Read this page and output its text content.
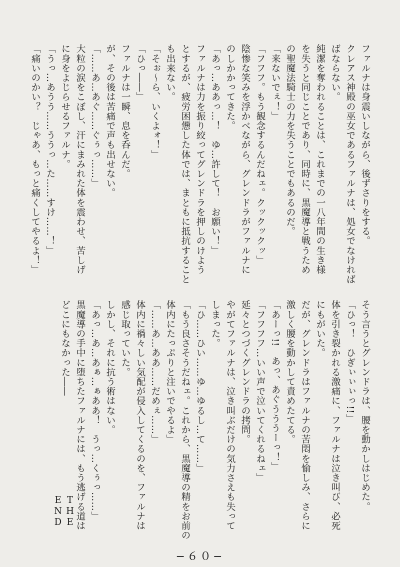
ファルナは身震いしながら、後ずさりをする。
クレアス神殿の巫女であるファルナは、処女でなければ
ばならない。
純潔を奪われることは、これまでの一八年間の生き様
を失うと同じことであり、同時に、黒魔導と戦うため
の聖魔法騎士の力を失うことでもあるのだ。
「来ないでぇ！」
「フフフ。もう観念するんだねェ。クックックッ」
陰惨な笑みを浮かべながら、グレンドラがファルナに
のしかかってきた。
「あっ…ああっ…！　ゆ…許して！　お願い！」
ファルナは力を振り絞ってグレンドラを押しのけよう
とするが、疲労困憊した体では、まともに抵抗すること
も出来ない。
「そぉ〜ら、いくよォ！」
「ひっ――」
ファルナは一瞬、息を呑んだ。
が、その後は苦痛で声も出せない。
「……あ…あぐ……ぐぅっ……」
大粒の涙をこぼし、汗にまみれた体を震わせ、苦しげ
に身をよじらせるファルナ。
「うっ…あうう……ううっ…た……すけ……！」
「痛いのかい？　じゃあ、もっと痛くしてやるよ！」
そう言うとグレンドラは、腰を動かしはじめた。
「ひっ！　ひぎぃぃぃっ!!」
体を引き裂かれる激痛に、ファルナは泣き叫び、必死
にもがいた。
だが、グレンドラはファルナの苦悶を愉しみ、さらに
激しく腰を動かして責めたてる。
「あーっ!!　あっ、あぐうううーっ！」
「フフフフ…いい声で泣いてくれるねェ」
延々とつづくグレンドラの拷問。
やがてファルナは、泣き叫ぶだけの気力さえも失って
しまった。
「ひ……ひい……ゆ…ゆるし…て……」
「もう良さそうだねェ。これから、黒魔導の精をお前の
体内にたっぷりと注いでやるよ」
「……あ…ああ……だめぇ……」
体内に禍々しい気配が侵入してくるのを、ファルナは
感じ取っていた。
しかし、それに抗う術はない。
「あっ…あ…あぁ…ぁああ！　うっ…くぅっ……」
黒魔導の手中に堕ちたファルナには、もう逃げる道は
どこにもなかった――
THE
END
−６０−
